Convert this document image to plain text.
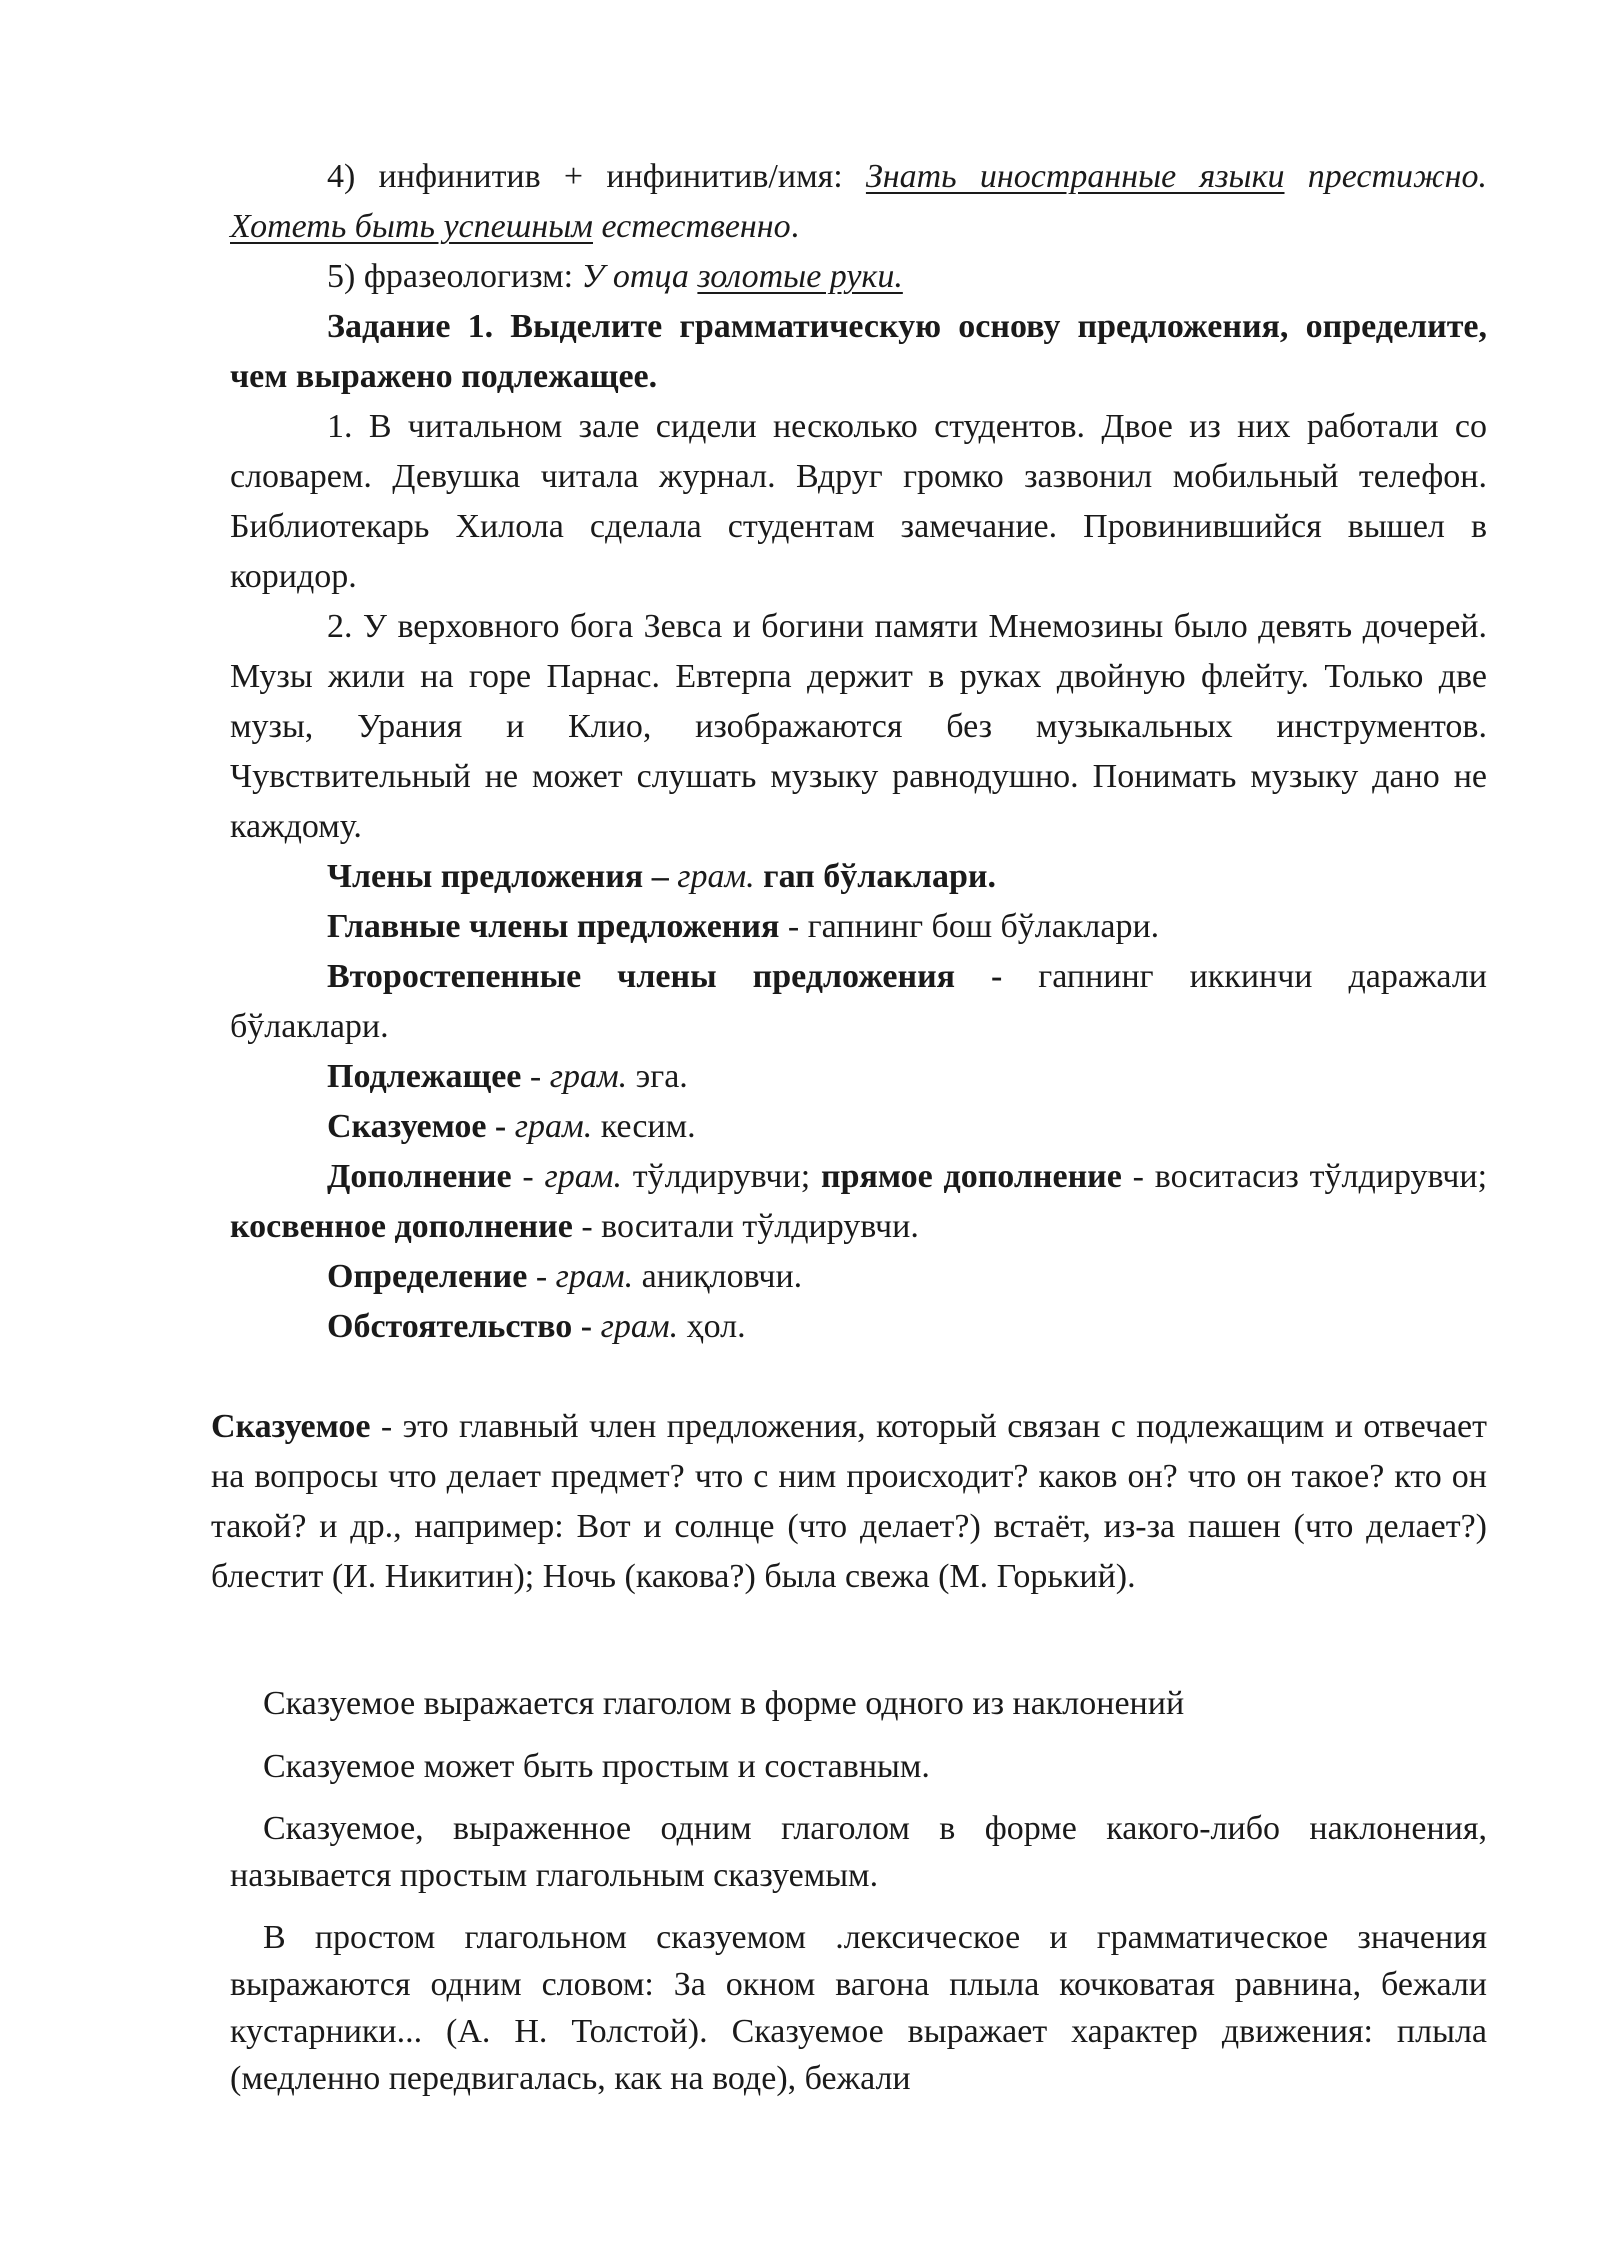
4) инфинитив + инфинитив/имя: Знать иностранные языки престижно. Хотеть быть успешным естественно.
5) фразеологизм: У отца золотые руки.
Задание 1. Выделите грамматическую основу предложения, определите, чем выражено подлежащее.
1. В читальном зале сидели несколько студентов. Двое из них работали со словарем. Девушка читала журнал. Вдруг громко зазвонил мобильный телефон. Библиотекарь Хилола сделала студентам замечание. Провинившийся вышел в коридор.
2. У верховного бога Зевса и богини памяти Мнемозины было девять дочерей. Музы жили на горе Парнас. Евтерпа держит в руках двойную флейту. Только две музы, Урания и Клио, изображаются без музыкальных инструментов. Чувствительный не может слушать музыку равнодушно. Понимать музыку дано не каждому.
Члены предложения – грам. гап бўлаклари.
Главные члены предложения - гапнинг бош бўлаклари.
Второстепенные члены предложения - гапнинг иккинчи даражали бўлаклари.
Подлежащее - грам. эга.
Сказуемое - грам. кесим.
Дополнение - грам. тўлдирувчи; прямое дополнение - воситасиз тўлдирувчи; косвенное дополнение - воситали тўлдирувчи.
Определение - грам. аниқловчи.
Обстоятельство - грам. ҳол.
Сказуемое - это главный член предложения, который связан с подлежащим и отвечает на вопросы что делает предмет? что с ним происходит? каков он? что он такое? кто он такой? и др., например: Вот и солнце (что делает?) встаёт, из-за пашен (что делает?) блестит (И. Никитин); Ночь (какова?) была свежа (М. Горький).
Сказуемое выражается глаголом в форме одного из наклонений
Сказуемое может быть простым и составным.
Сказуемое, выраженное одним глаголом в форме какого-либо наклонения, называется простым глагольным сказуемым.
В простом глагольном сказуемом .лексическое и грамматическое значения выражаются одним словом: За окном вагона плыла кочковатая равнина, бежали кустарники... (А. Н. Толстой). Сказуемое выражает характер движения: плыла (медленно передвигалась, как на воде), бежали
